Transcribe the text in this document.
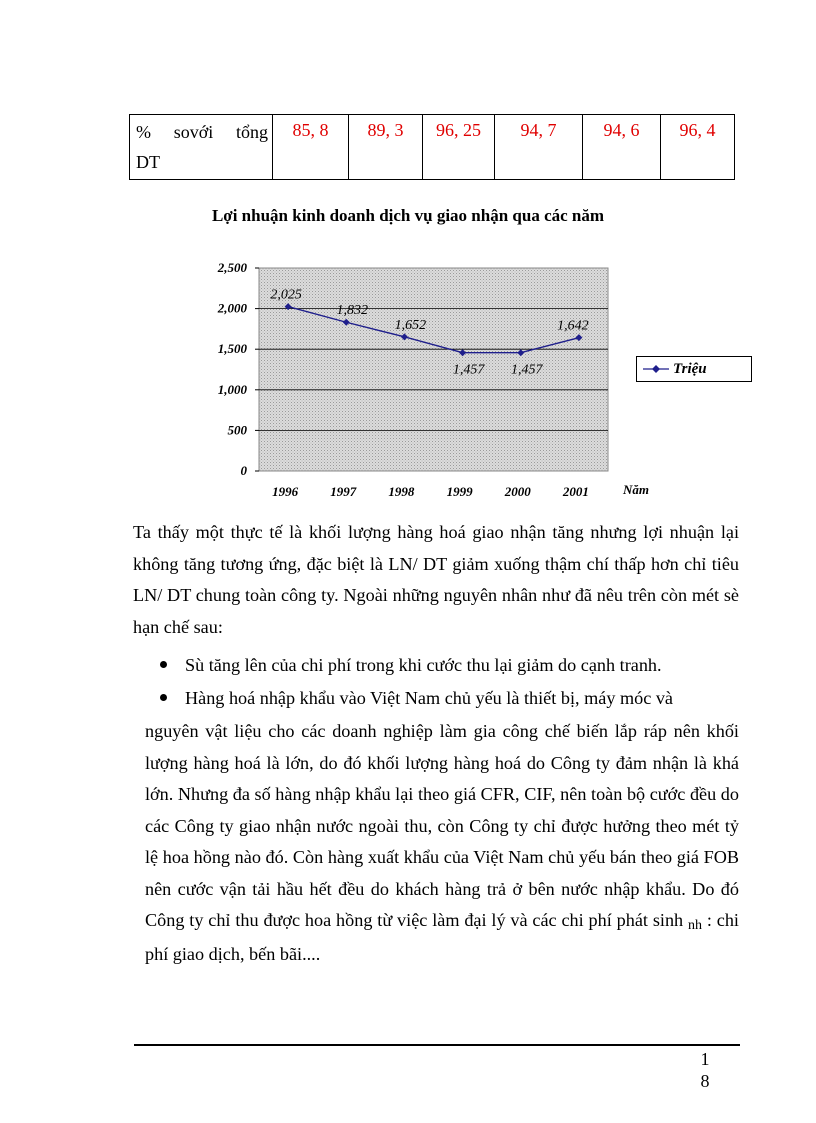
% sovới tổng
DT
85, 8	89, 3	96, 25	94, 7	94, 6	96, 4
Lợi nhuận kinh doanh dịch vụ giao nhận qua các năm
0
500
1,000
1,500
2,000
2,500
1996 1997 1998 1999 2000 2001
2,025
1,832
1,652
1,457 1,457
1,642
Năm
Triệu

Ta thấy một thực tế là khối lượng hàng hoá giao nhận tăng nhưng lợi nhuận lại không tăng tương ứng, đặc biệt là LN/ DT giảm xuống thậm chí thấp hơn chỉ tiêu LN/ DT chung toàn công ty. Ngoài những nguyên nhân như đã nêu trên còn mét sè hạn chế sau:

Sù tăng lên của chi phí trong khi cước thu lại giảm do cạnh tranh.
Hàng hoá nhập khẩu vào Việt Nam chủ yếu là thiết bị, máy móc và

nguyên vật liệu cho các doanh nghiệp làm gia công chế biến lắp ráp nên khối lượng hàng hoá là lớn, do đó khối lượng hàng hoá do Công ty đảm nhận là khá lớn. Nhưng đa số hàng nhập khẩu lại theo giá CFR, CIF, nên toàn bộ cước đều do các Công ty giao nhận nước ngoài thu, còn Công ty chỉ được hưởng theo mét tỷ lệ hoa hồng nào đó. Còn hàng xuất khẩu của Việt Nam chủ yếu bán theo giá FOB nên cước vận tải hầu hết đều do khách hàng trả ở bên nước nhập khẩu. Do đó Công ty chỉ thu được hoa hồng từ việc làm đại lý và các chi phí phát sinh nh : chi phí giao dịch, bến bãi....

1
8
